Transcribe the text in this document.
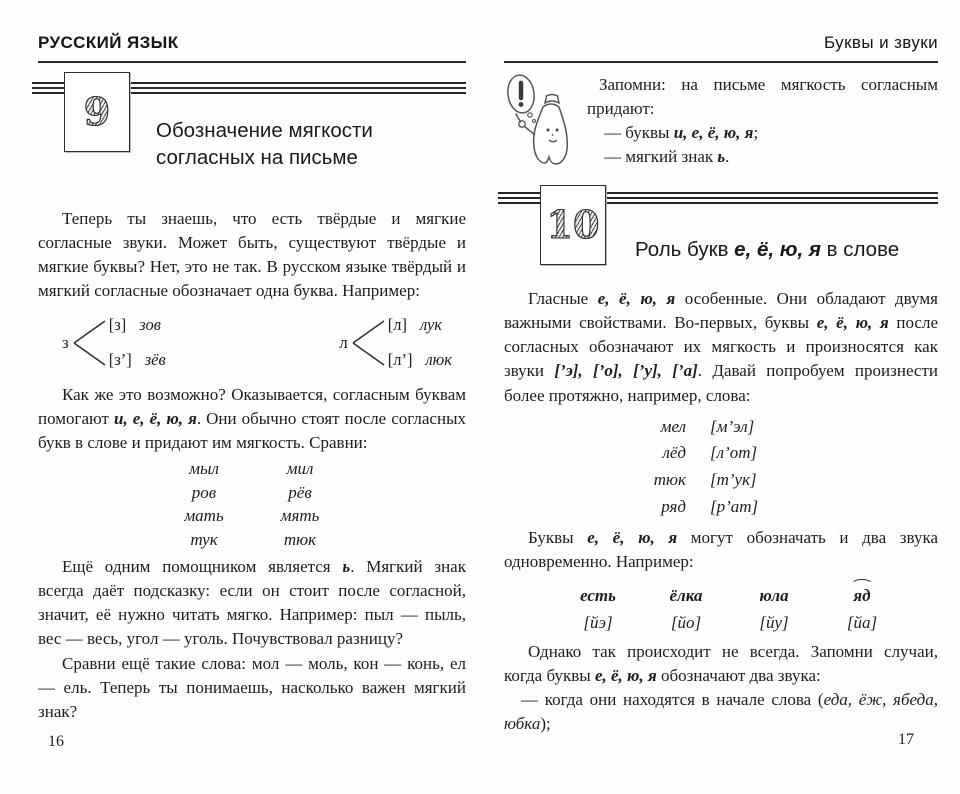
РУССКИЙ ЯЗЫК
9 Обозначение мягкости
согласных на письме

Теперь ты знаешь, что есть твёрдые и мягкие согласные звуки. Может быть, существуют твёрдые и мягкие буквы? Нет, это не так. В русском языке твёрдый и мягкий согласные обозначает одна буква. Например:

з
[з] зов
[з’] зёв
л
[л] лук
[л’] люк

Как же это возможно? Оказывается, согласным буквам помогают и, е, ё, ю, я. Они обычно стоят после согласных букв в слове и придают им мягкость. Сравни:

мыл	мил
ров	рёв
мать	мять
тук	тюк

Ещё одним помощником является ь. Мягкий знак всегда даёт подсказку: если он стоит после согласной, значит, её нужно читать мягко. Например: пыл — пыль, вес — весь, угол — уголь. Почувствовал разницу?

Сравни ещё такие слова: мол — моль, кон — конь, ел — ель. Теперь ты понимаешь, насколько важен мягкий знак?

Буквы и звуки

Запомни: на письме мягкость согласным придают:

— буквы и, е, ё, ю, я;
— мягкий знак ь.
10
Роль букв е, ё, ю, я в слове

Гласные е, ё, ю, я особенные. Они обладают двумя важными свойствами. Во-первых, буквы е, ё, ю, я после согласных обозначают их мягкость и произносятся как звуки [’э], [’о], [’у], [’а]. Давай попробуем произнести более протяжно, например, слова:

мел [м’эл]
лёд [л’от]
тюк [т’ук]
ряд [р’ат]

Буквы е, ё, ю, я могут обозначать и два звука одновременно. Например:

есть	ёлка	юла	яд
[йэ]	[йо]	[йу]	[йа]

Однако так происходит не всегда. Запомни случаи, когда буквы е, ё, ю, я обозначают два звука:

— когда они находятся в начале слова (еда, ёж, ябеда, юбка);

16	17
